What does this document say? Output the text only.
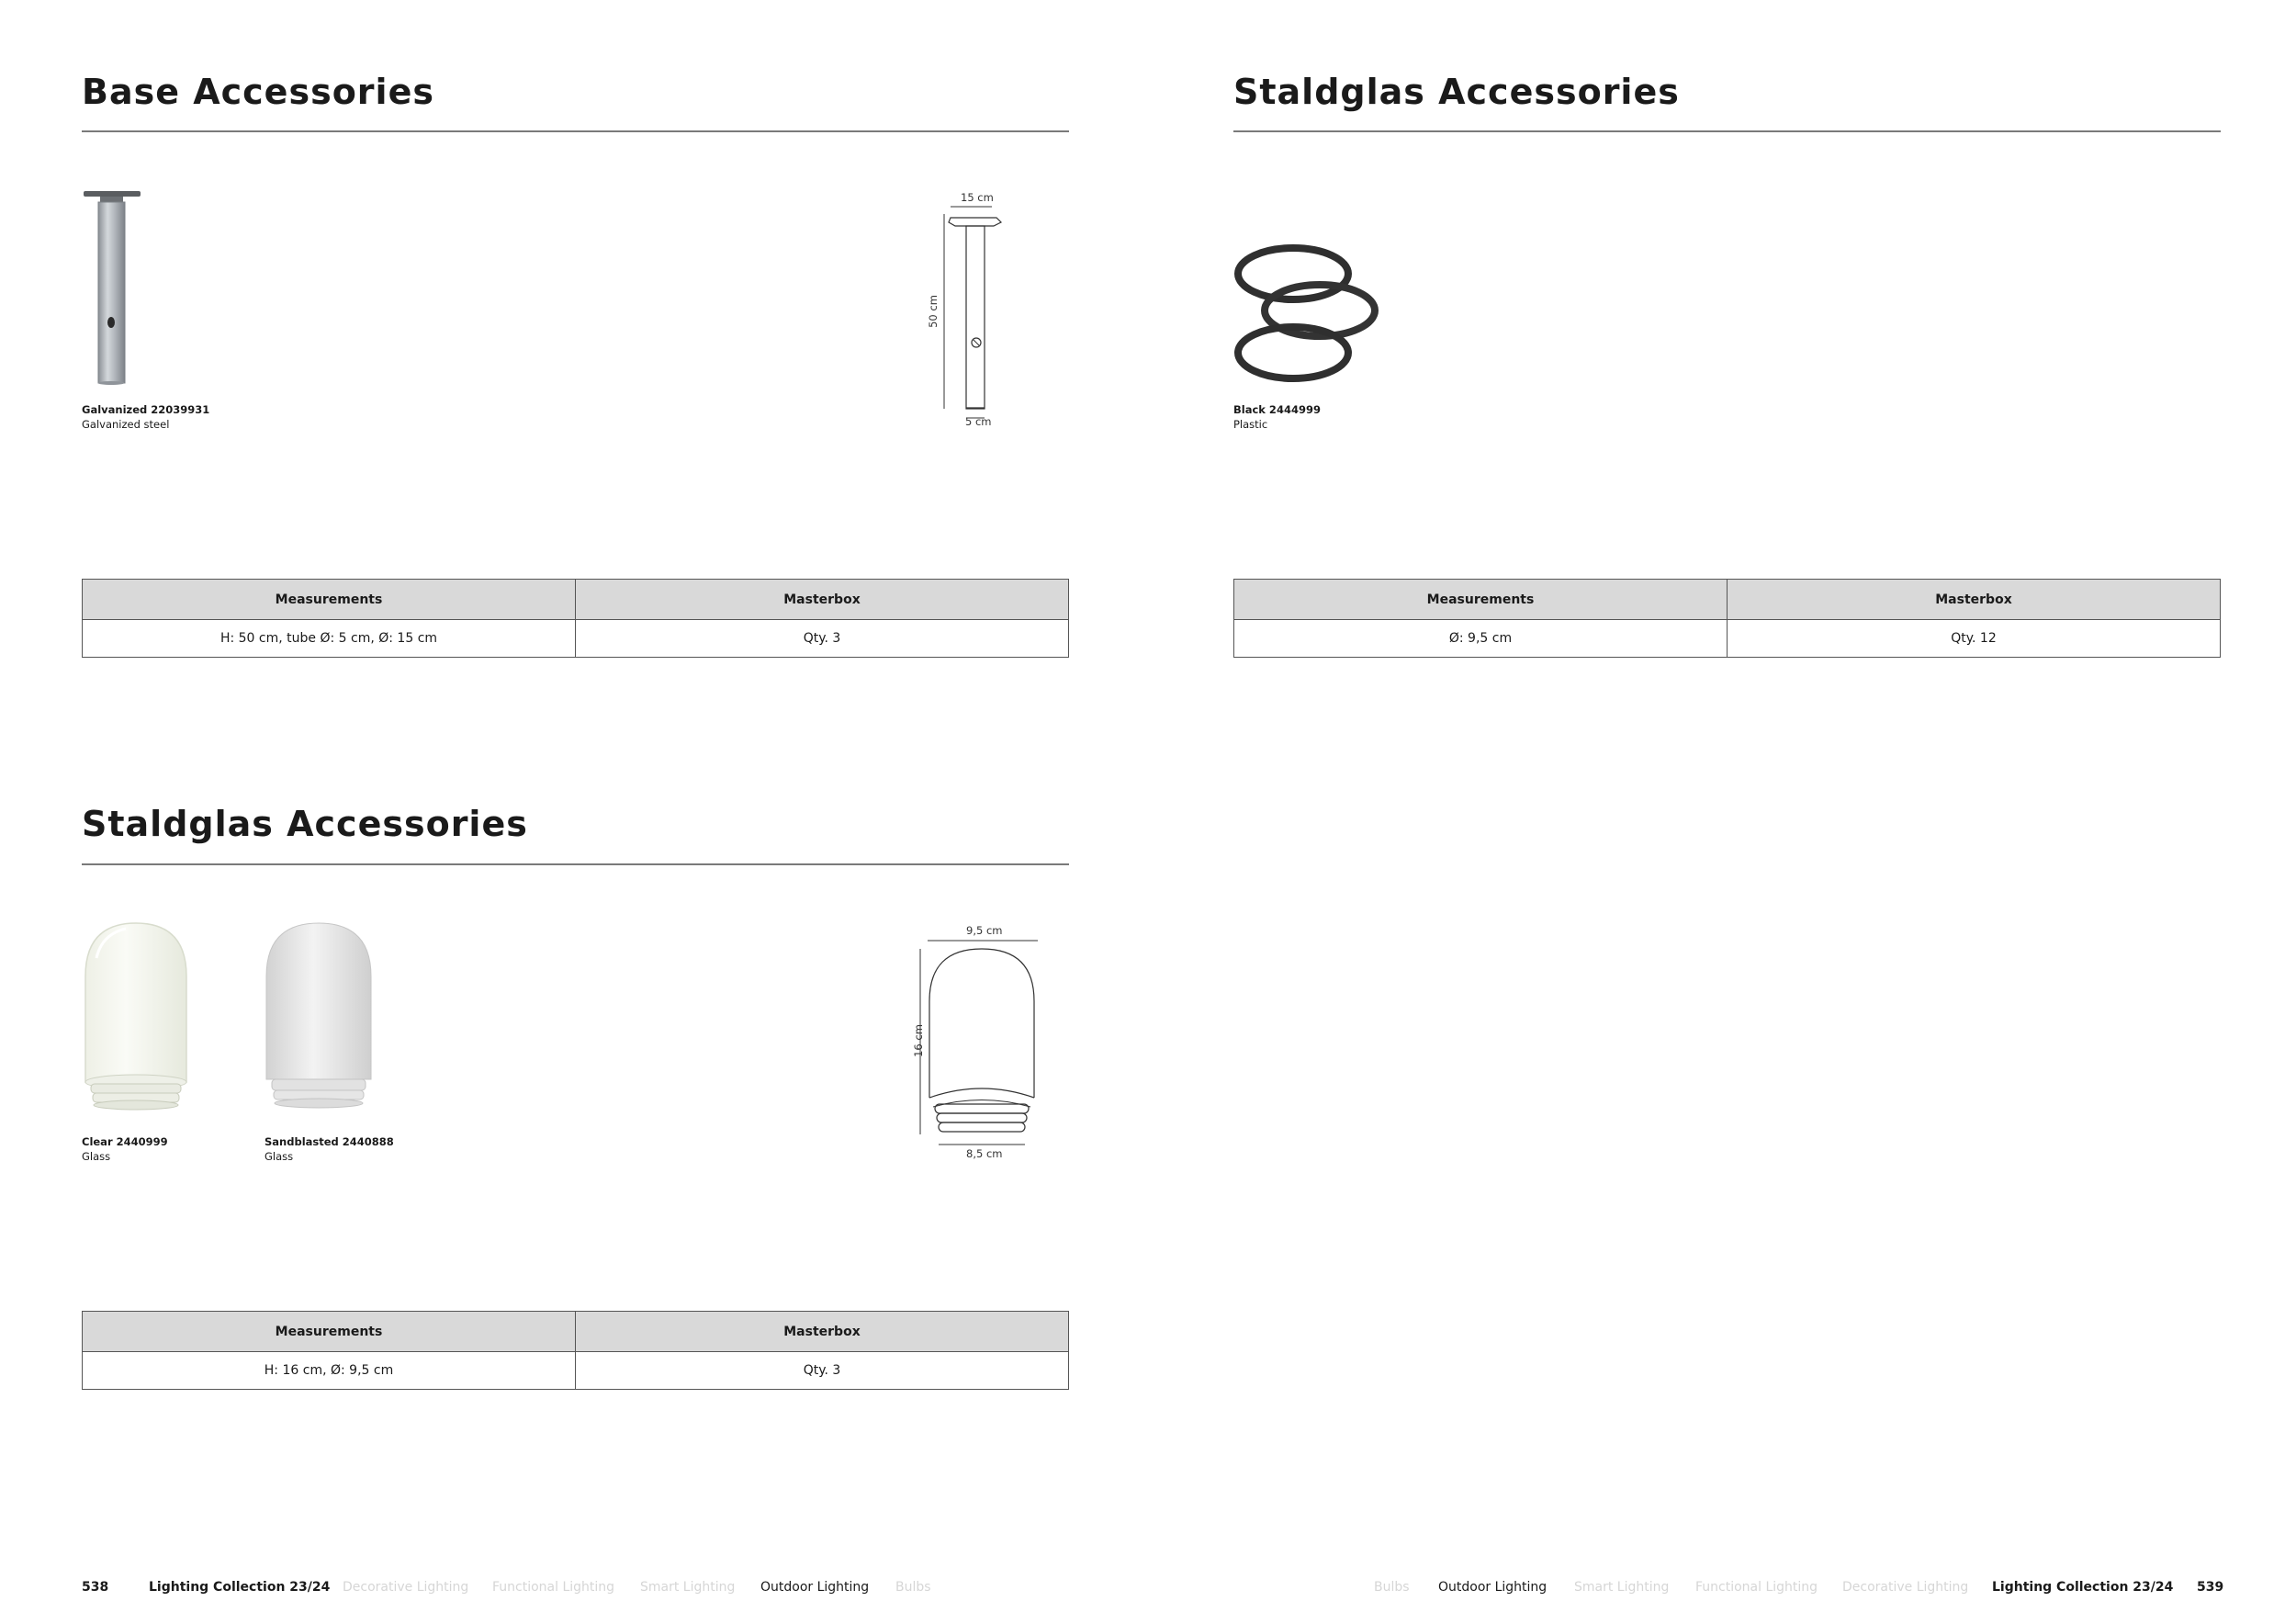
Base Accessories
Galvanized 22039931
Galvanized steel
15 cm
50 cm
5 cm
Measurements	Masterbox
H: 50 cm, tube Ø: 5 cm, Ø: 15 cm	Qty. 3
Staldglas Accessories
Clear 2440999
Glass
Sandblasted 2440888
Glass
9,5 cm
16 cm
8,5 cm
Measurements	Masterbox
H: 16 cm, Ø: 9,5 cm	Qty. 3
Staldglas Accessories
Black 2444999
Plastic
Measurements	Masterbox
Ø: 9,5 cm	Qty. 12
538	Lighting Collection 23/24 Decorative Lighting Functional Lighting Smart Lighting Outdoor Lighting Bulbs	Bulbs Outdoor Lighting Smart Lighting Functional Lighting Decorative Lighting Lighting Collection 23/24 539
